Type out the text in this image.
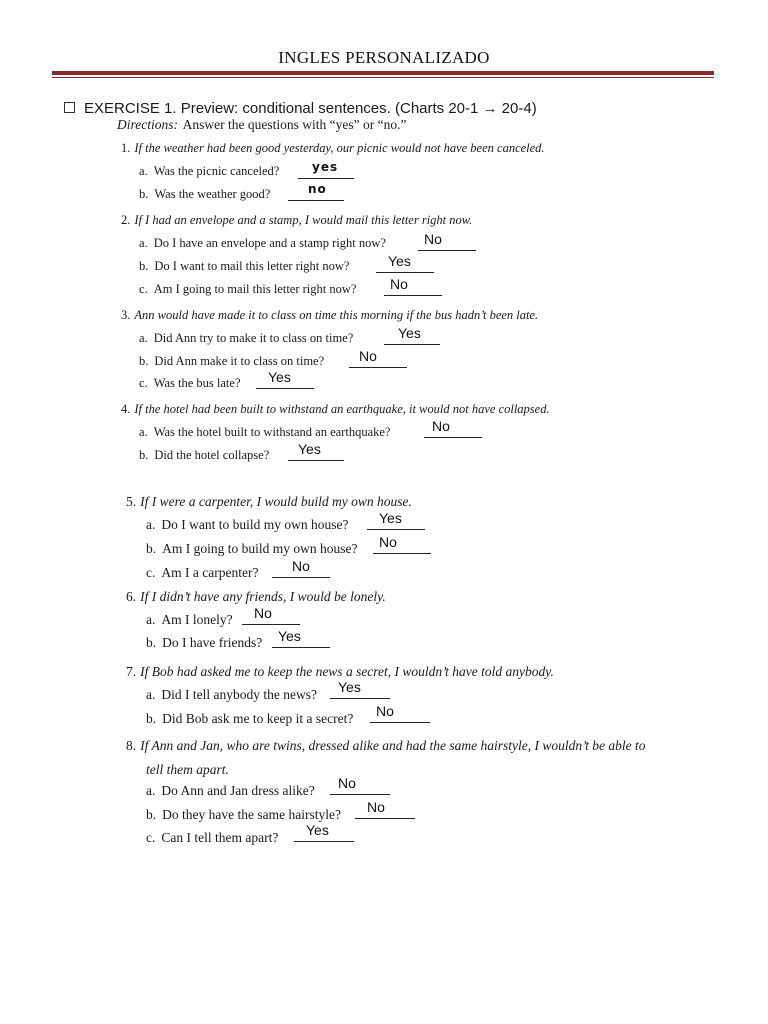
INGLES PERSONALIZADO
EXERCISE 1. Preview: conditional sentences. (Charts 20-1 → 20-4)
Directions: Answer the questions with “yes” or “no.”
1. If the weather had been good yesterday, our picnic would not have been canceled.
a. Was the picnic canceled?	yes
b. Was the weather good?	no
2. If I had an envelope and a stamp, I would mail this letter right now.
a. Do I have an envelope and a stamp right now?	No
b. Do I want to mail this letter right now?	Yes
c. Am I going to mail this letter right now? No
3. Ann would have made it to class on time this morning if the bus hadn’t been late.
a. Did Ann try to make it to class on time?	Yes
b. Did Ann make it to class on time? No
c. Was the bus late? Yes
4. If the hotel had been built to withstand an earthquake, it would not have collapsed.
a. Was the hotel built to withstand an earthquake?	No
b. Did the hotel collapse? Yes
5. If I were a carpenter, I would build my own house.
a. Do I want to build my own house? Yes
b. Am I going to build my own house? No
c. Am I a carpenter? No
6. If I didn’t have any friends, I would be lonely.
a. Am I lonely? No
b. Do I have friends? Yes
7. If Bob had asked me to keep the news a secret, I wouldn’t have told anybody.
a. Did I tell anybody the news? Yes
b. Did Bob ask me to keep it a secret? No
8. If Ann and Jan, who are twins, dressed alike and had the same hairstyle, I wouldn’t be able to
tell them apart.
a. Do Ann and Jan dress alike? No
b. Do they have the same hairstyle? No
c. Can I tell them apart? Yes
